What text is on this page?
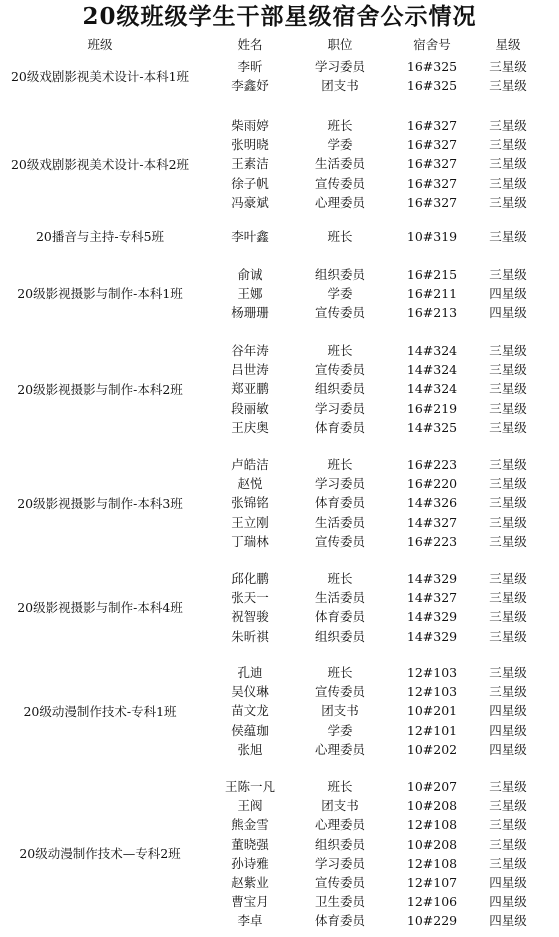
20级班级学生干部星级宿舍公示情况
班级	姓名	职位	宿舍号	星级
20级戏剧影视美术设计-本科1班
李昕	学习委员	16#325	三星级
李鑫妤	团支书	16#325	三星级
20级戏剧影视美术设计-本科2班
柴雨婷	班长	16#327	三星级
张明晓	学委	16#327	三星级
王素洁	生活委员	16#327	三星级
徐子帆	宣传委员	16#327	三星级
冯豪斌	心理委员	16#327	三星级
20播音与主持-专科5班	李叶鑫	班长	10#319	三星级
20级影视摄影与制作-本科1班
俞诚	组织委员	16#215	三星级
王娜	学委	16#211	四星级
杨珊珊	宣传委员	16#213	四星级
20级影视摄影与制作-本科2班
谷年涛	班长	14#324	三星级
吕世涛	宣传委员	14#324	三星级
郑亚鹏	组织委员	14#324	三星级
段丽敏	学习委员	16#219	三星级
王庆奥	体育委员	14#325	三星级
20级影视摄影与制作-本科3班
卢皓洁	班长	16#223	三星级
赵悦	学习委员	16#220	三星级
张锦铭	体育委员	14#326	三星级
王立刚	生活委员	14#327	三星级
丁瑞林	宣传委员	16#223	三星级
20级影视摄影与制作-本科4班
邱化鹏	班长	14#329	三星级
张天一	生活委员	14#327	三星级
祝智骏	体育委员	14#329	三星级
朱昕祺	组织委员	14#329	三星级
20级动漫制作技术-专科1班
孔迪	班长	12#103	三星级
吴仪琳	宣传委员	12#103	三星级
苗文龙	团支书	10#201	四星级
侯蕴珈	学委	12#101	四星级
张旭	心理委员	10#202	四星级
20级动漫制作技术—专科2班
王陈一凡	班长	10#207	三星级
王阀	团支书	10#208	三星级
熊金雪	心理委员	12#108	三星级
董晓强	组织委员	10#208	三星级
孙诗雅	学习委员	12#108	三星级
赵紫业	宣传委员	12#107	四星级
曹宝月	卫生委员	12#106	四星级
李卓	体育委员	10#229	四星级
